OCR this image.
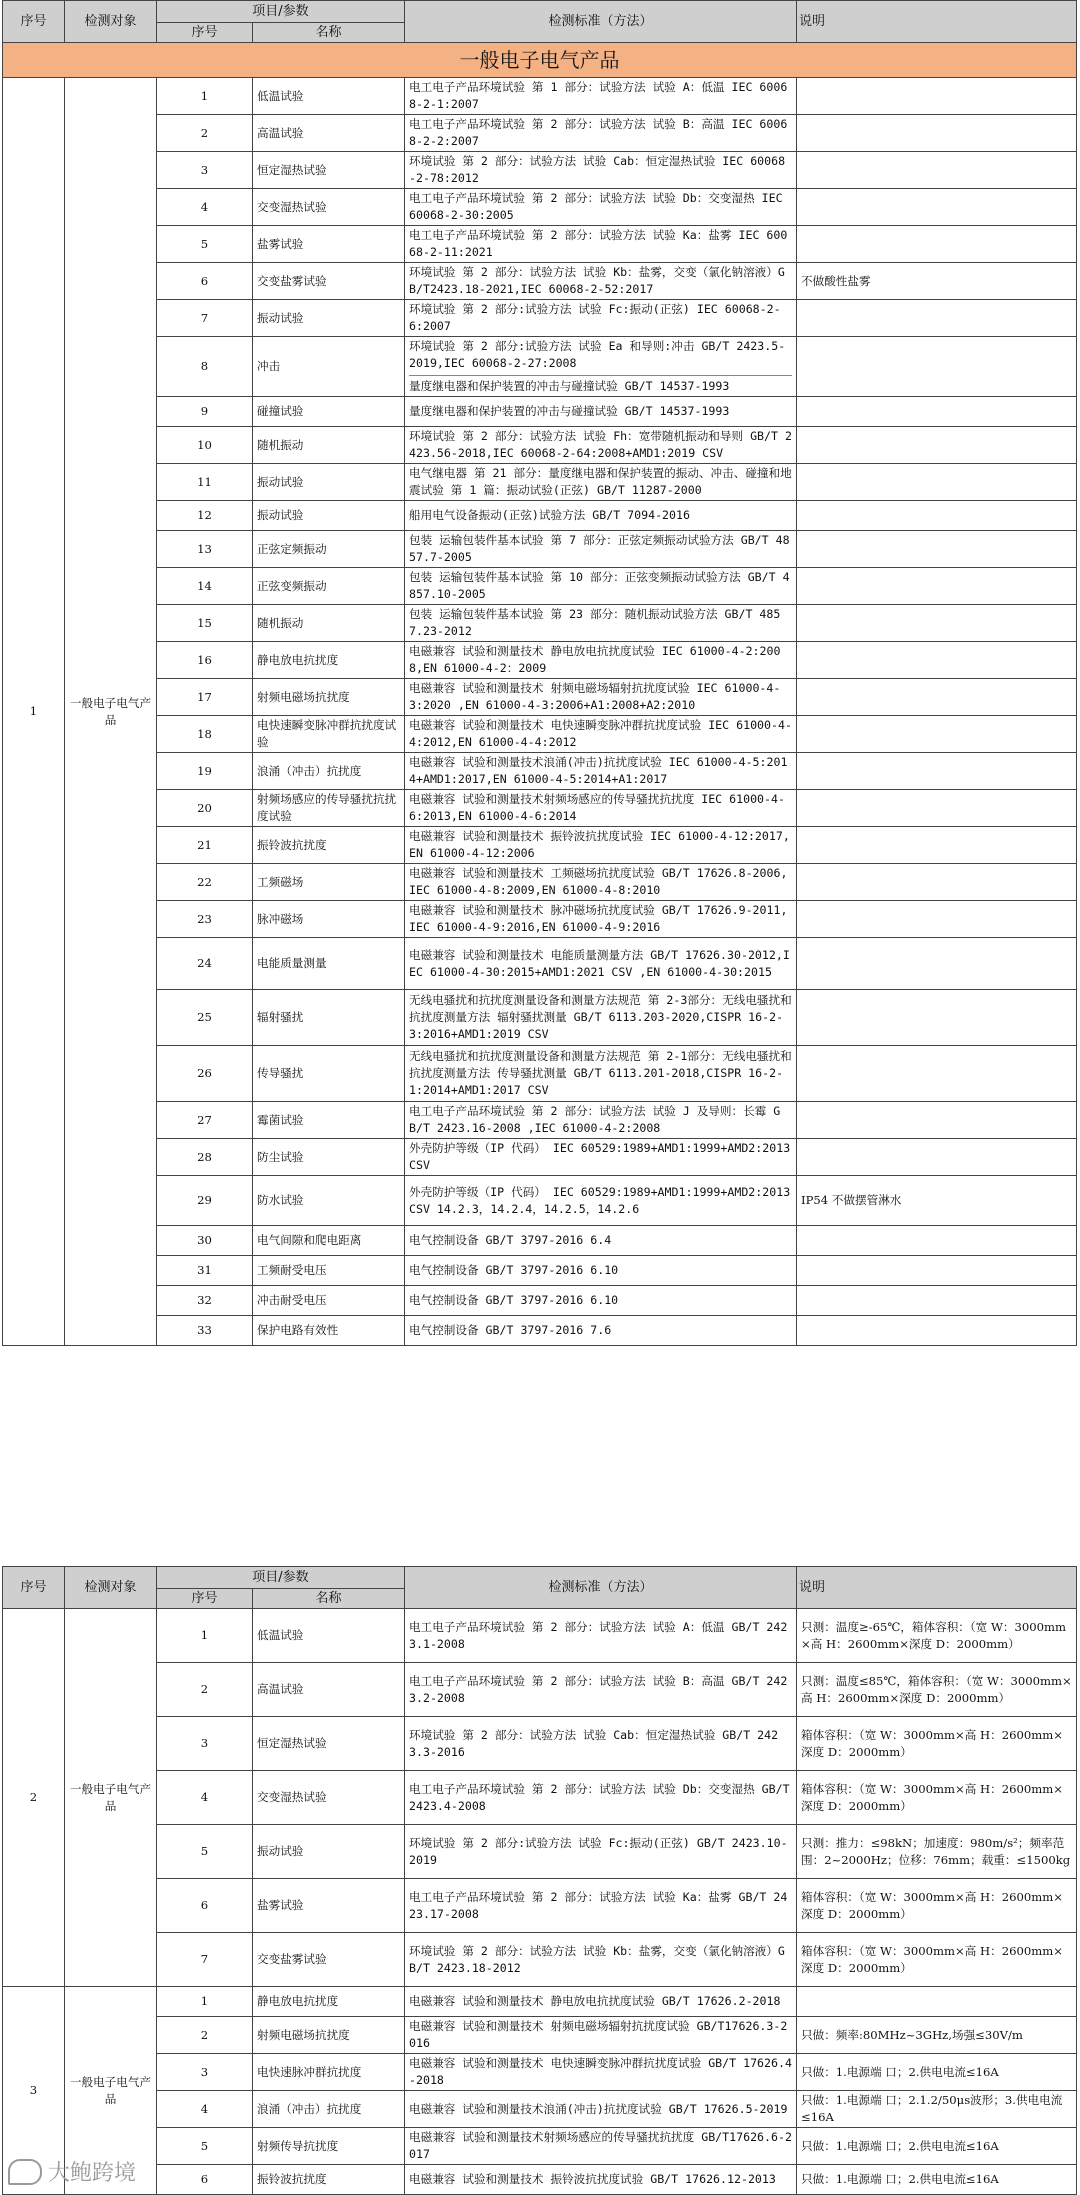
序号	检测对象	项目/参数		检测标准（方法）	说明
		序号	名称		
一般电子电气产品					
1	一般电子电气产品	1	低温试验	电工电子产品环境试验 第 1 部分：试验方法 试验 A：低温 IEC 60068-2-1:2007	

		2	高温试验	电工电子产品环境试验 第 2 部分：试验方法 试验 B：高温 IEC 60068-2-2:2007	

		3	恒定湿热试验	环境试验 第 2 部分：试验方法 试验 Cab：恒定湿热试验 IEC 60068-2-78:2012	

		4	交变湿热试验	电工电子产品环境试验 第 2 部分：试验方法 试验 Db：交变湿热 IEC 60068-2-30:2005	

		5	盐雾试验	电工电子产品环境试验 第 2 部分：试验方法 试验 Ka：盐雾 IEC 60068-2-11:2021	

		6	交变盐雾试验	环境试验 第 2 部分：试验方法 试验 Kb：盐雾，交变（氯化钠溶液）GB/T2423.18-2021,IEC 60068-2-52:2017	不做酸性盐雾
		7	振动试验	环境试验 第 2 部分:试验方法 试验 Fc:振动(正弦) IEC 60068-2-6:2007	

		8	冲击	环境试验 第 2 部分:试验方法 试验 Ea 和导则:冲击 GB/T 2423.5-2019,IEC 60068-2-27:2008
量度继电器和保护装置的冲击与碰撞试验 GB/T 14537-1993	

		9	碰撞试验	量度继电器和保护装置的冲击与碰撞试验 GB/T 14537-1993	

		10	随机振动	环境试验 第 2 部分：试验方法 试验 Fh：宽带随机振动和导则 GB/T 2423.56-2018,IEC 60068-2-64:2008+AMD1:2019 CSV	

		11	振动试验	电气继电器 第 21 部分：量度继电器和保护装置的振动、冲击、碰撞和地震试验 第 1 篇：振动试验(正弦) GB/T 11287-2000	

		12	振动试验	船用电气设备振动(正弦)试验方法 GB/T 7094-2016	

		13	正弦定频振动	包装 运输包装件基本试验 第 7 部分：正弦定频振动试验方法 GB/T 4857.7-2005	

		14	正弦变频振动	包装 运输包装件基本试验 第 10 部分：正弦变频振动试验方法 GB/T 4857.10-2005	

		15	随机振动	包装 运输包装件基本试验 第 23 部分：随机振动试验方法 GB/T 4857.23-2012	

		16	静电放电抗扰度	电磁兼容 试验和测量技术 静电放电抗扰度试验 IEC 61000-4-2:2008,EN 61000-4-2：2009	

		17	射频电磁场抗扰度	电磁兼容 试验和测量技术 射频电磁场辐射抗扰度试验 IEC 61000-4-3:2020 ,EN 61000-4-3:2006+A1:2008+A2:2010	

		18	电快速瞬变脉冲群抗扰度试验	电磁兼容 试验和测量技术 电快速瞬变脉冲群抗扰度试验 IEC 61000-4-4:2012,EN 61000-4-4:2012	

		19	浪涌（冲击）抗扰度	电磁兼容 试验和测量技术浪涌(冲击)抗扰度试验 IEC 61000-4-5:2014+AMD1:2017,EN 61000-4-5:2014+A1:2017	

		20	射频场感应的传导骚扰抗扰度试验	电磁兼容 试验和测量技术射频场感应的传导骚扰抗扰度 IEC 61000-4-6:2013,EN 61000-4-6:2014	

		21	振铃波抗扰度	电磁兼容 试验和测量技术 振铃波抗扰度试验 IEC 61000-4-12:2017,EN 61000-4-12:2006	

		22	工频磁场	电磁兼容 试验和测量技术 工频磁场抗扰度试验 GB/T 17626.8-2006,IEC 61000-4-8:2009,EN 61000-4-8:2010	

		23	脉冲磁场	电磁兼容 试验和测量技术 脉冲磁场抗扰度试验 GB/T 17626.9-2011,IEC 61000-4-9:2016,EN 61000-4-9:2016	

		24	电能质量测量	电磁兼容 试验和测量技术 电能质量测量方法 GB/T 17626.30-2012,IEC 61000-4-30:2015+AMD1:2021 CSV ,EN 61000-4-30:2015	

		25	辐射骚扰	无线电骚扰和抗扰度测量设备和测量方法规范 第 2-3部分：无线电骚扰和抗扰度测量方法 辐射骚扰测量 GB/T 6113.203-2020,CISPR 16-2-3:2016+AMD1:2019 CSV	

		26	传导骚扰	无线电骚扰和抗扰度测量设备和测量方法规范 第 2-1部分：无线电骚扰和抗扰度测量方法 传导骚扰测量 GB/T 6113.201-2018,CISPR 16-2-1:2014+AMD1:2017 CSV	

		27	霉菌试验	电工电子产品环境试验 第 2 部分：试验方法 试验 J 及导则：长霉 GB/T 2423.16-2008 ,IEC 61000-4-2:2008	

		28	防尘试验	外壳防护等级（IP 代码） IEC 60529:1989+AMD1:1999+AMD2:2013 CSV	

		29	防水试验	外壳防护等级（IP 代码） IEC 60529:1989+AMD1:1999+AMD2:2013 CSV 14.2.3，14.2.4，14.2.5，14.2.6	IP54 不做摆管淋水
		30	电气间隙和爬电距离	电气控制设备 GB/T 3797-2016 6.4	

		31	工频耐受电压	电气控制设备 GB/T 3797-2016 6.10	

		32	冲击耐受电压	电气控制设备 GB/T 3797-2016 6.10	

		33	保护电路有效性	电气控制设备 GB/T 3797-2016 7.6	

序号	检测对象	项目/参数		检测标准（方法）	说明
		序号	名称		
2	一般电子电气产品	1	低温试验	电工电子产品环境试验 第 2 部分：试验方法 试验 A：低温 GB/T 2423.1-2008	只测：温度≥-65℃，箱体容积：（宽 W：3000mm×高 H：2600mm×深度 D：2000mm）
		2	高温试验	电工电子产品环境试验 第 2 部分：试验方法 试验 B：高温 GB/T 2423.2-2008	只测：温度≤85℃，箱体容积：（宽 W：3000mm×高 H：2600mm×深度 D：2000mm）
		3	恒定湿热试验	环境试验 第 2 部分：试验方法 试验 Cab：恒定湿热试验 GB/T 2423.3-2016	箱体容积：（宽 W：3000mm×高 H：2600mm×深度 D：2000mm）
		4	交变湿热试验	电工电子产品环境试验 第 2 部分：试验方法 试验 Db：交变湿热 GB/T 2423.4-2008	箱体容积：（宽 W：3000mm×高 H：2600mm×深度 D：2000mm）
		5	振动试验	环境试验 第 2 部分:试验方法 试验 Fc:振动(正弦) GB/T 2423.10-2019	只测：推力：≤98kN；加速度：980m/s²；频率范围：2~2000Hz；位移：76mm；载重：≤1500kg
		6	盐雾试验	电工电子产品环境试验 第 2 部分：试验方法 试验 Ka：盐雾 GB/T 2423.17-2008	箱体容积：（宽 W：3000mm×高 H：2600mm×深度 D：2000mm）
		7	交变盐雾试验	环境试验 第 2 部分：试验方法 试验 Kb：盐雾，交变（氯化钠溶液）GB/T 2423.18-2012	箱体容积：（宽 W：3000mm×高 H：2600mm×深度 D：2000mm）
3	一般电子电气产品	1	静电放电抗扰度	电磁兼容 试验和测量技术 静电放电抗扰度试验 GB/T 17626.2-2018	

		2	射频电磁场抗扰度	电磁兼容 试验和测量技术 射频电磁场辐射抗扰度试验 GB/T17626.3-2016	只做：频率:80MHz~3GHz,场强≤30V/m
		3	电快速脉冲群抗扰度	电磁兼容 试验和测量技术 电快速瞬变脉冲群抗扰度试验 GB/T 17626.4-2018	只做：1.电源端 口；2.供电电流≤16A
		4	浪涌（冲击）抗扰度	电磁兼容 试验和测量技术浪涌(冲击)抗扰度试验 GB/T 17626.5-2019	只做：1.电源端 口；2.1.2/50μs波形；3.供电电流≤16A
		5	射频传导抗扰度	电磁兼容 试验和测量技术射频场感应的传导骚扰抗扰度 GB/T17626.6-2017	只做：1.电源端 口；2.供电电流≤16A
		6	振铃波抗扰度	电磁兼容 试验和测量技术 振铃波抗扰度试验 GB/T 17626.12-2013	只做：1.电源端 口；2.供电电流≤16A
大鲍跨境
